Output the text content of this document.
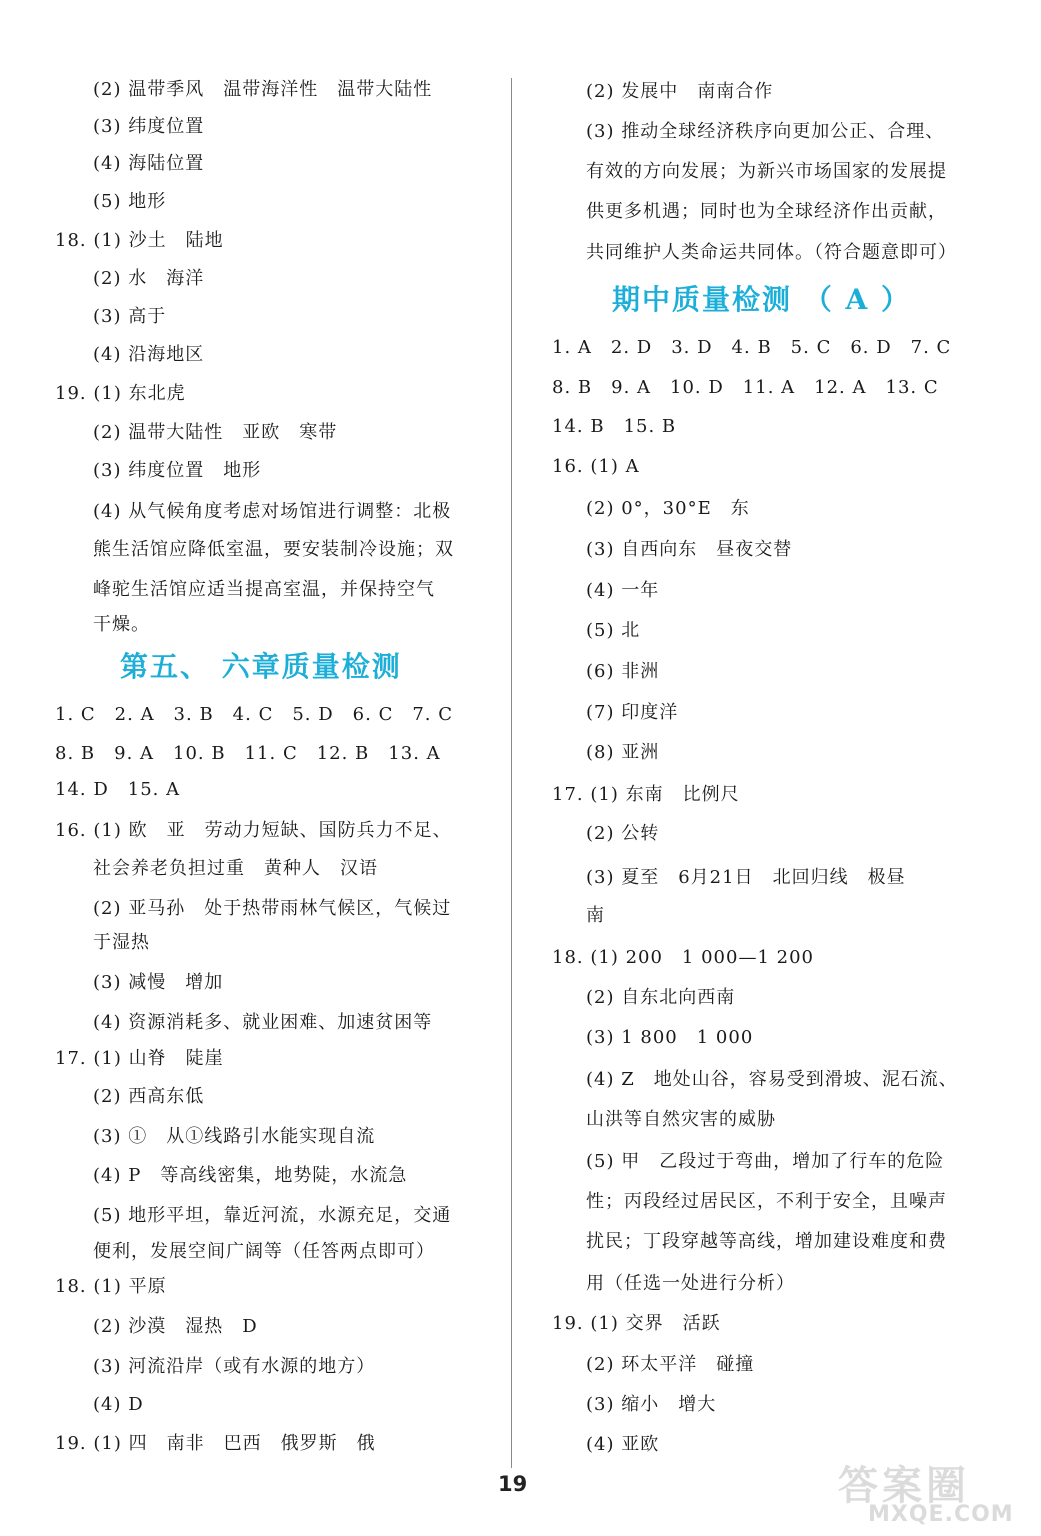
(2) 温带季风　温带海洋性　温带大陆性
(3) 纬度位置
(4) 海陆位置
(5) 地形
18. (1) 沙土　陆地
(2) 水　海洋
(3) 高于
(4) 沿海地区
19. (1) 东北虎
(2) 温带大陆性　亚欧　寒带
(3) 纬度位置　地形
(4) 从气候角度考虑对场馆进行调整：北极
熊生活馆应降低室温，要安装制冷设施；双
峰驼生活馆应适当提高室温，并保持空气
干燥。
1. C　2. A　3. B　4. C　5. D　6. C　7. C
8. B　9. A　10. B　11. C　12. B　13. A
14. D　15. A
16. (1) 欧　亚　劳动力短缺、国防兵力不足、
社会养老负担过重　黄种人　汉语
(2) 亚马孙　处于热带雨林气候区，气候过
于湿热
(3) 减慢　增加
(4) 资源消耗多、就业困难、加速贫困等
17. (1) 山脊　陡崖
(2) 西高东低
(3) ①　从①线路引水能实现自流
(4) P　等高线密集，地势陡，水流急
(5) 地形平坦，靠近河流，水源充足，交通
便利，发展空间广阔等（任答两点即可）
18. (1) 平原
(2) 沙漠　湿热　D
(3) 河流沿岸（或有水源的地方）
(4) D
19. (1) 四　南非　巴西　俄罗斯　俄
第五、 六章质量检测
(2) 发展中　南南合作
(3) 推动全球经济秩序向更加公正、合理、
有效的方向发展；为新兴市场国家的发展提
供更多机遇；同时也为全球经济作出贡献，
共同维护人类命运共同体。（符合题意即可）
1. A　2. D　3. D　4. B　5. C　6. D　7. C
8. B　9. A　10. D　11. A　12. A　13. C
14. B　15. B
16. (1) A
(2) 0°，30°E　东
(3) 自西向东　昼夜交替
(4) 一年
(5) 北
(6) 非洲
(7) 印度洋
(8) 亚洲
17. (1) 东南　比例尺
(2) 公转
(3) 夏至　6月21日　北回归线　极昼
南
18. (1) 200　1 000—1 200
(2) 自东北向西南
(3) 1 800　1 000
(4) Z　地处山谷，容易受到滑坡、泥石流、
山洪等自然灾害的威胁
(5) 甲　乙段过于弯曲，增加了行车的危险
性；丙段经过居民区，不利于安全，且噪声
扰民；丁段穿越等高线，增加建设难度和费
用（任选一处进行分析）
19. (1) 交界　活跃
(2) 环太平洋　碰撞
(3) 缩小　增大
(4) 亚欧
期中质量检测 （ A ）
19	答案圈
MXQE.COM
